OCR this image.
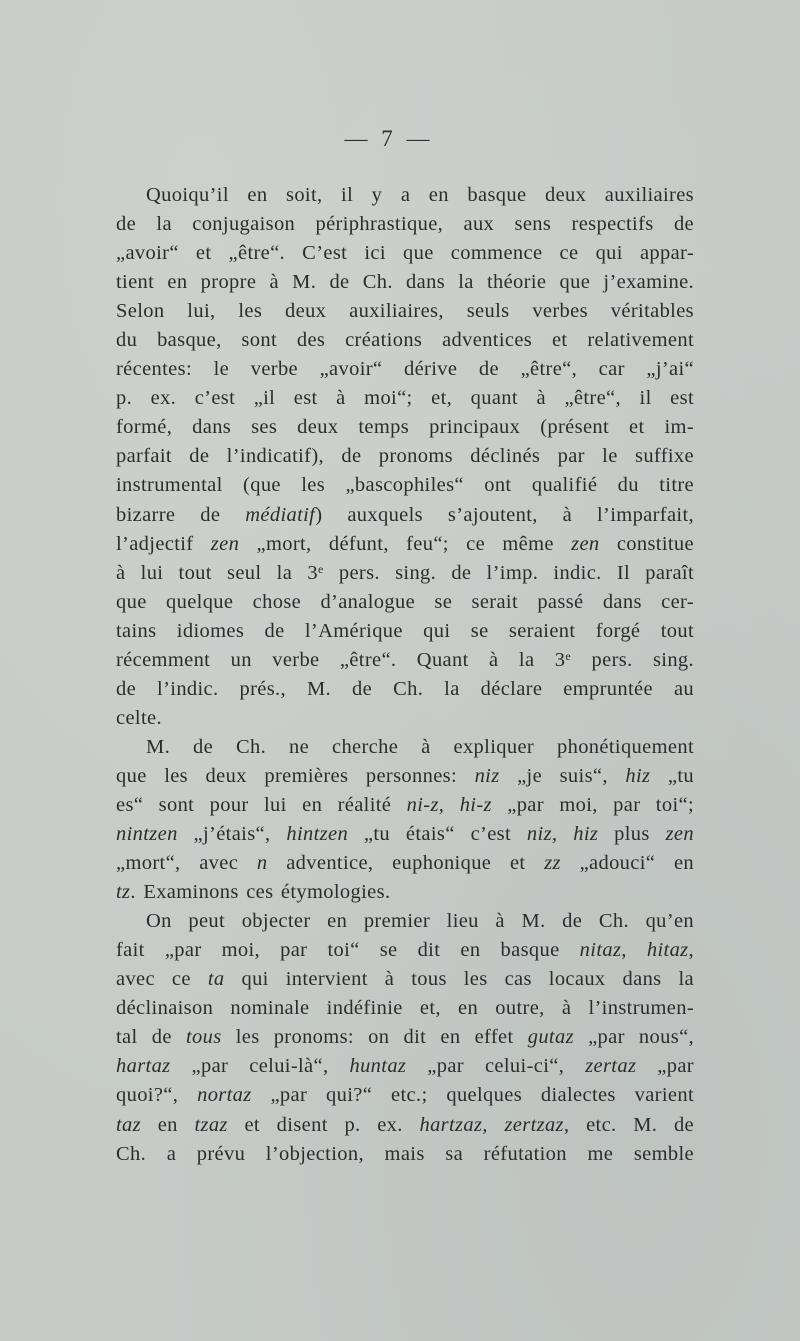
— 7 —
Quoiqu’il en soit, il y a en basque deux auxiliaires
de la conjugaison périphrastique, aux sens respectifs de
„avoir“ et „être“. C’est ici que commence ce qui appar-
tient en propre à M. de Ch. dans la théorie que j’examine.
Selon lui, les deux auxiliaires, seuls verbes véritables
du basque, sont des créations adventices et relativement
récentes: le verbe „avoir“ dérive de „être“, car „j’ai“
p. ex. c’est „il est à moi“; et, quant à „être“, il est
formé, dans ses deux temps principaux (présent et im-
parfait de l’indicatif), de pronoms déclinés par le suffixe
instrumental (que les „bascophiles“ ont qualifié du titre
bizarre de médiatif) auxquels s’ajoutent, à l’imparfait,
l’adjectif zen „mort, défunt, feu“; ce même zen constitue
à lui tout seul la 3e pers. sing. de l’imp. indic. Il paraît
que quelque chose d’analogue se serait passé dans cer-
tains idiomes de l’Amérique qui se seraient forgé tout
récemment un verbe „être“. Quant à la 3e pers. sing.
de l’indic. prés., M. de Ch. la déclare empruntée au
celte.
M. de Ch. ne cherche à expliquer phonétiquement
que les deux premières personnes: niz „je suis“, hiz „tu
es“ sont pour lui en réalité ni-z, hi-z „par moi, par toi“;
nintzen „j’étais“, hintzen „tu étais“ c’est niz, hiz plus zen
„mort“, avec n adventice, euphonique et zz „adouci“ en
tz. Examinons ces étymologies.
On peut objecter en premier lieu à M. de Ch. qu’en
fait „par moi, par toi“ se dit en basque nitaz, hitaz,
avec ce ta qui intervient à tous les cas locaux dans la
déclinaison nominale indéfinie et, en outre, à l’instrumen-
tal de tous les pronoms: on dit en effet gutaz „par nous“,
hartaz „par celui-là“, huntaz „par celui-ci“, zertaz „par
quoi?“, nortaz „par qui?“ etc.; quelques dialectes varient
taz en tzaz et disent p. ex. hartzaz, zertzaz, etc. M. de
Ch. a prévu l’objection, mais sa réfutation me semble
